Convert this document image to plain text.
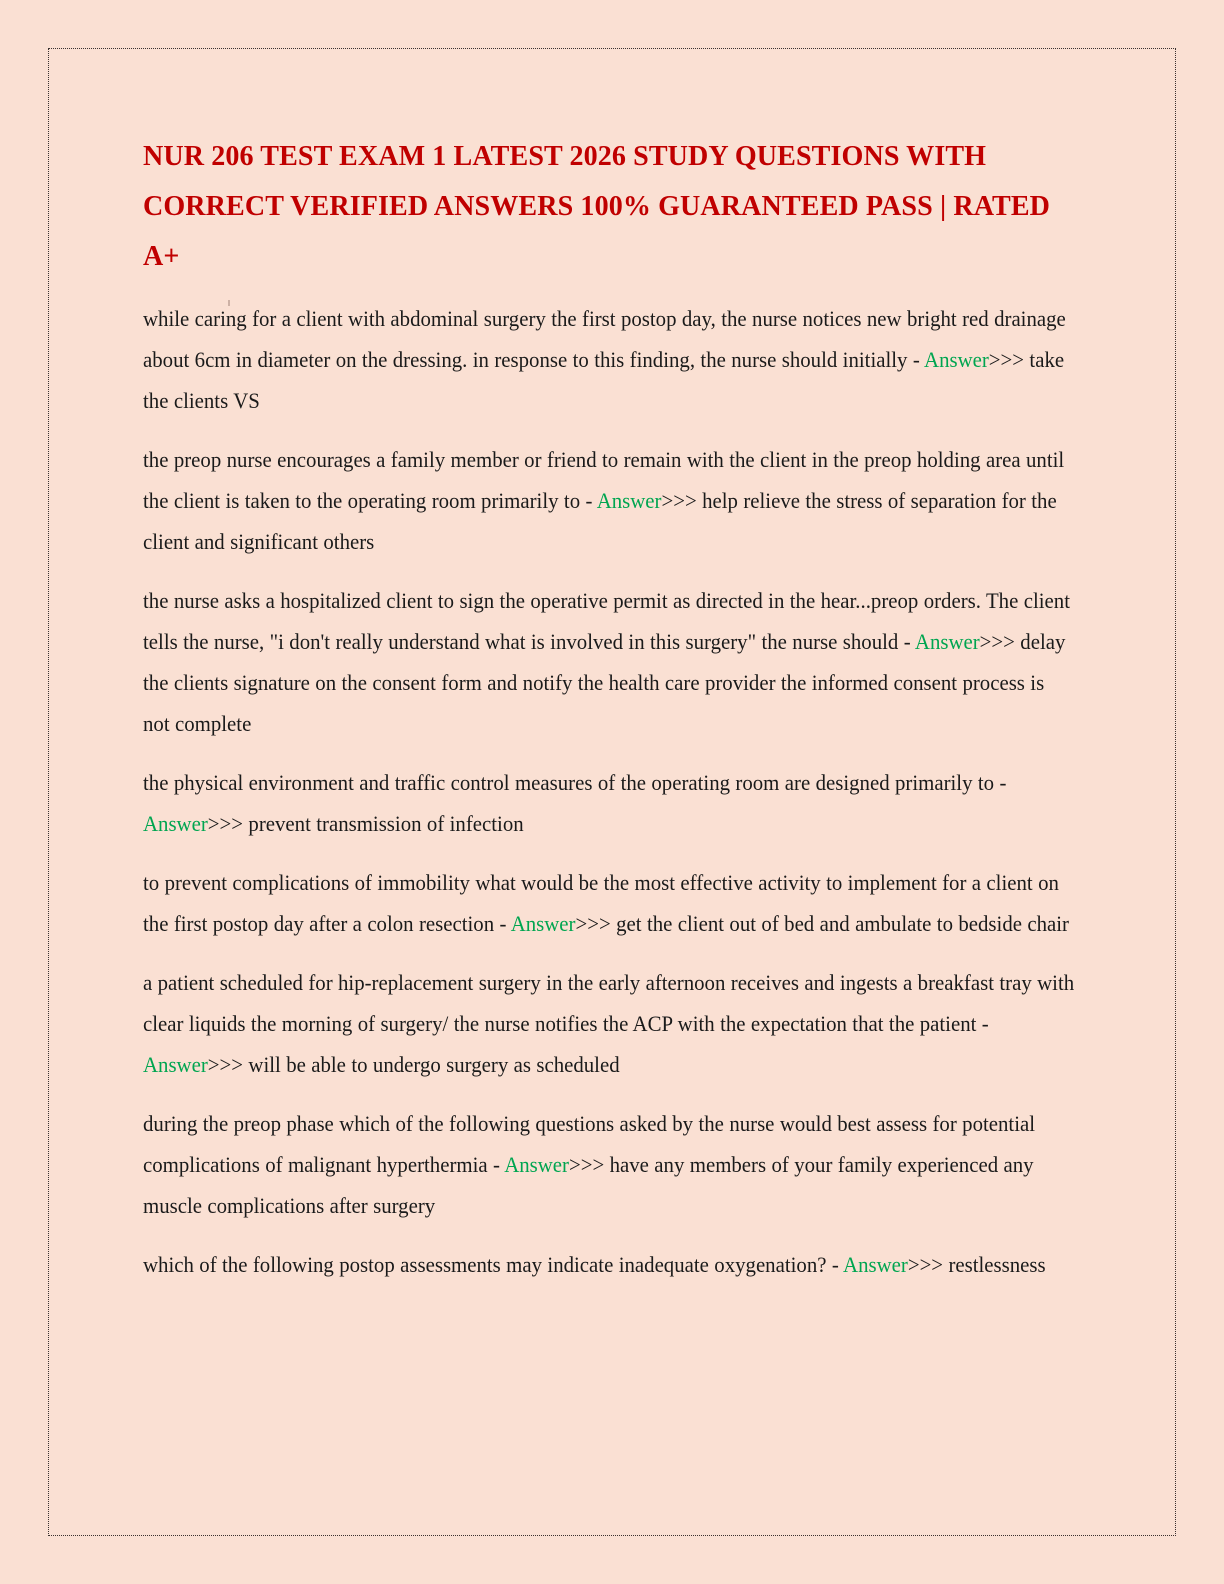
NUR 206 TEST EXAM 1 LATEST 2026 STUDY QUESTIONS WITH CORRECT VERIFIED ANSWERS 100% GUARANTEED PASS | RATED A+

while caring for a client with abdominal surgery the first postop day, the nurse notices new bright red drainage about 6cm in diameter on the dressing. in response to this finding, the nurse should initially - Answer>>> take the clients VS

the preop nurse encourages a family member or friend to remain with the client in the preop holding area until the client is taken to the operating room primarily to - Answer>>> help relieve the stress of separation for the client and significant others

the nurse asks a hospitalized client to sign the operative permit as directed in the hear...preop orders. The client tells the nurse, "i don't really understand what is involved in this surgery" the nurse should - Answer>>> delay the clients signature on the consent form and notify the health care provider the informed consent process is not complete

the physical environment and traffic control measures of the operating room are designed primarily to - Answer>>> prevent transmission of infection

to prevent complications of immobility what would be the most effective activity to implement for a client on the first postop day after a colon resection - Answer>>> get the client out of bed and ambulate to bedside chair

a patient scheduled for hip-replacement surgery in the early afternoon receives and ingests a breakfast tray with clear liquids the morning of surgery/ the nurse notifies the ACP with the expectation that the patient - Answer>>> will be able to undergo surgery as scheduled

during the preop phase which of the following questions asked by the nurse would best assess for potential complications of malignant hyperthermia - Answer>>> have any members of your family experienced any muscle complications after surgery

which of the following postop assessments may indicate inadequate oxygenation? - Answer>>> restlessness
